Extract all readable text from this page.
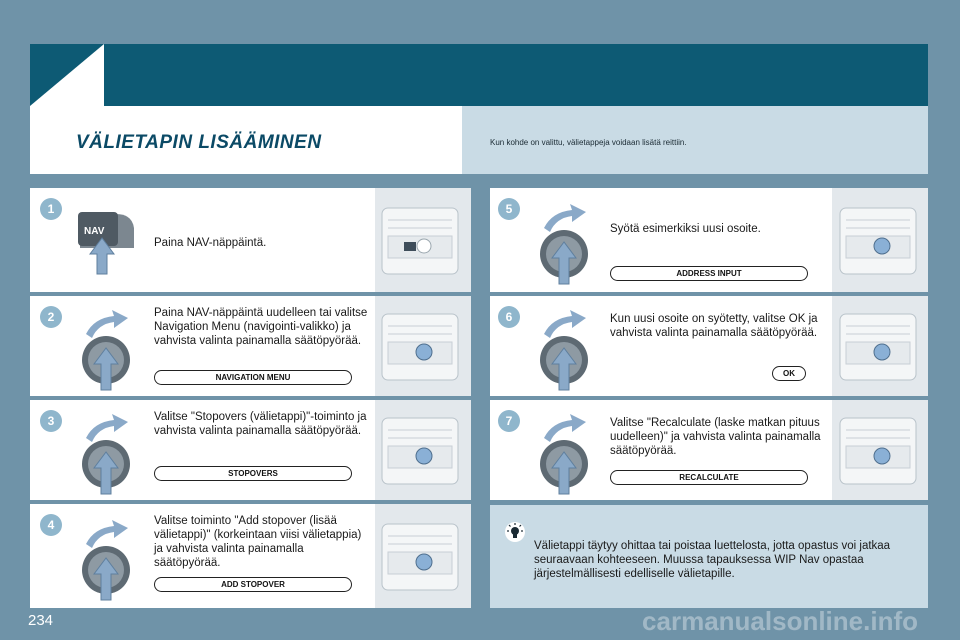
VÄLIETAPIN LISÄÄMINEN	Kun kohde on valittu, välietappeja voidaan lisätä reittiin.
1
NAV
Paina NAV-näppäintä.
2	Paina NAV-näppäintä uudelleen tai valitse Navigation Menu (navigointi-valikko) ja vahvista valinta painamalla säätöpyörää.
NAVIGATION MENU
3	Valitse "Stopovers (välietappi)"-toiminto ja vahvista valinta painamalla säätöpyörää.
STOPOVERS
4	Valitse toiminto "Add stopover (lisää välietappi)" (korkeintaan viisi välietappia) ja vahvista valinta painamalla säätöpyörää.
ADD STOPOVER
5
Syötä esimerkiksi uusi osoite.
ADDRESS INPUT
6	Kun uusi osoite on syötetty, valitse OK ja vahvista valinta painamalla säätöpyörää.
OK
7	Valitse "Recalculate (laske matkan pituus uudelleen)" ja vahvista valinta painamalla säätöpyörää.
RECALCULATE
Välietappi täytyy ohittaa tai poistaa luettelosta, jotta opastus voi jatkaa seuraavaan kohteeseen. Muussa tapauksessa WIP Nav opastaa järjestelmällisesti edelliselle välietapille.
234	carmanualsonline.info
